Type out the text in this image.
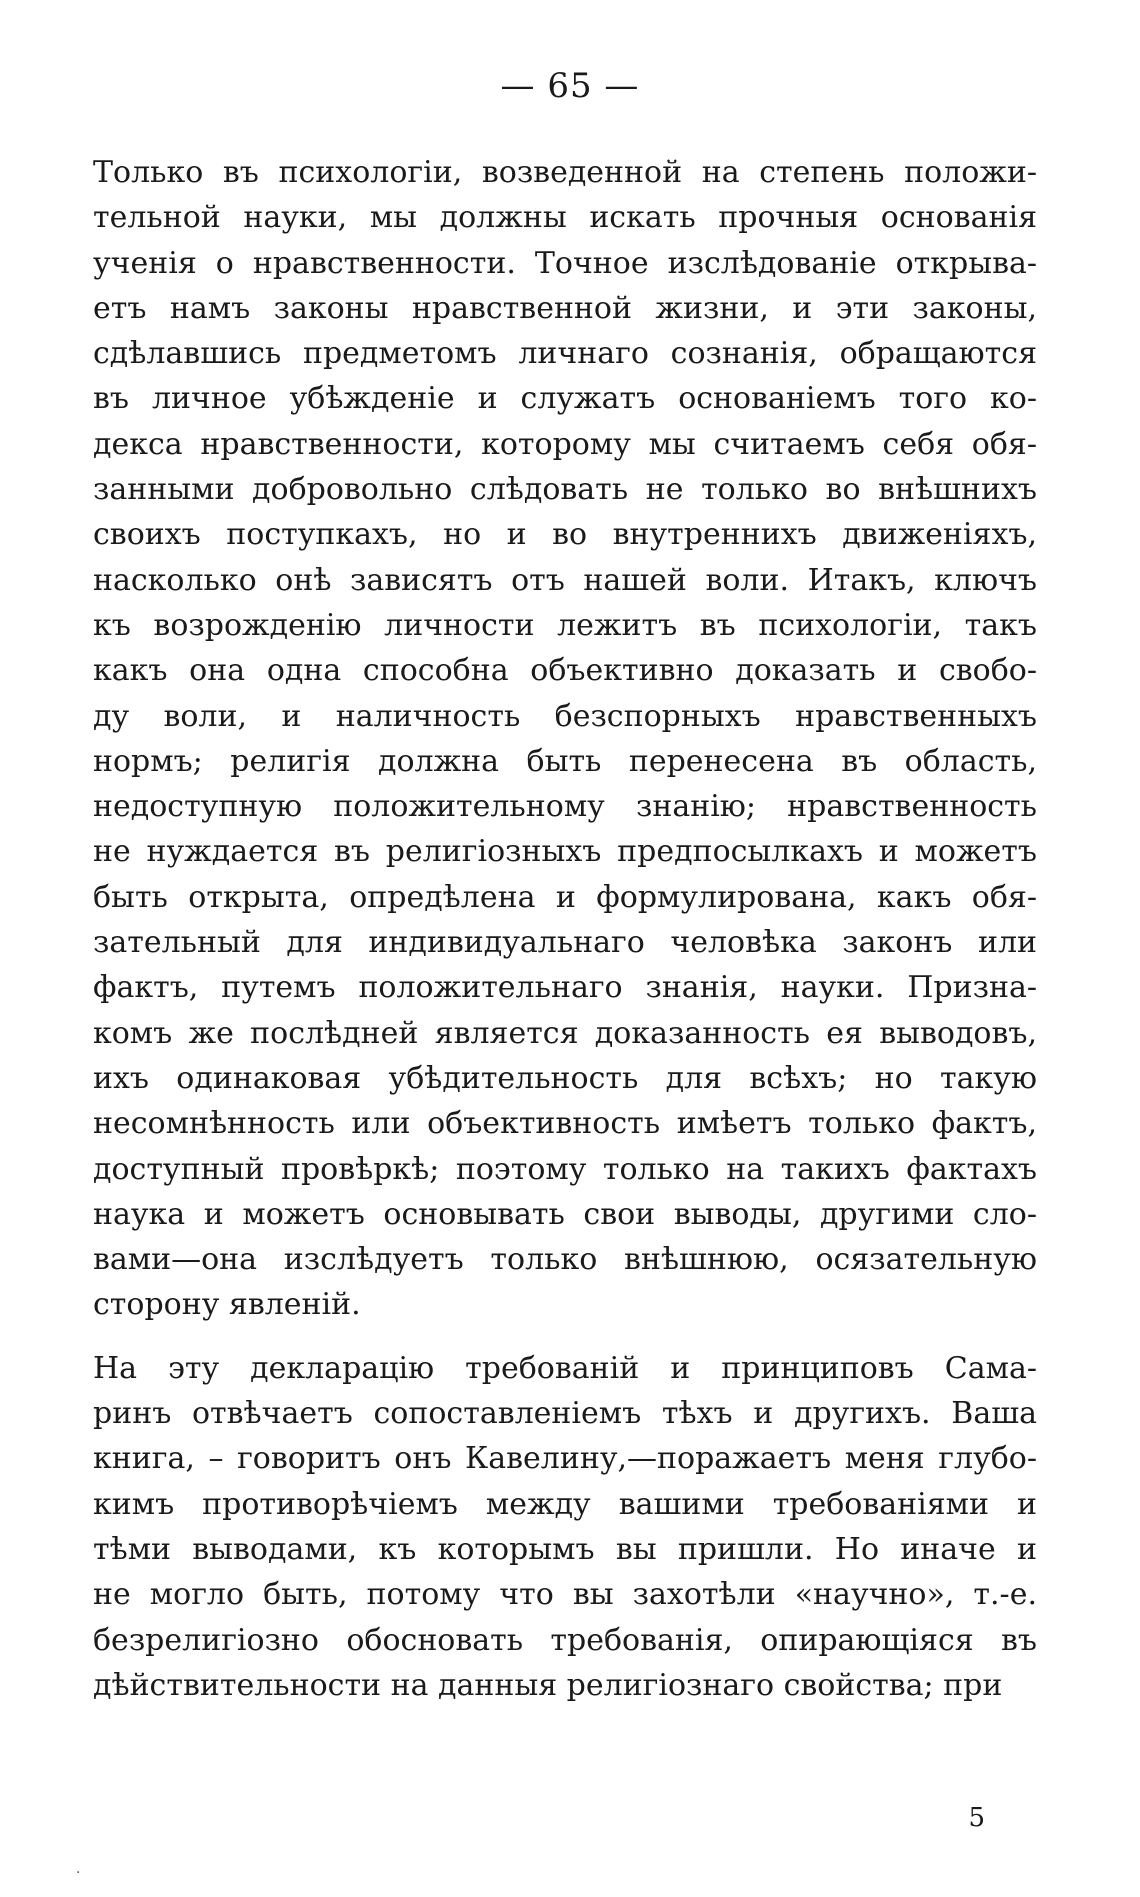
— 65 —
Только въ психологіи, возведенной на степень положи-
тельной науки, мы должны искать прочныя основанія
ученія о нравственности. Точное изслѣдованіе открыва-
етъ намъ законы нравственной жизни, и эти законы,
сдѣлавшись предметомъ личнаго сознанія, обращаются
въ личное убѣжденіе и служатъ основаніемъ того ко-
декса нравственности, которому мы считаемъ себя обя-
занными добровольно слѣдовать не только во внѣшнихъ
своихъ поступкахъ, но и во внутреннихъ движеніяхъ,
насколько онѣ зависятъ отъ нашей воли. Итакъ, ключъ
къ возрожденію личности лежитъ въ психологіи, такъ
какъ она одна способна объективно доказать и свобо-
ду воли, и наличность безспорныхъ нравственныхъ
нормъ; религія должна быть перенесена въ область,
недоступную положительному знанію; нравственность
не нуждается въ религіозныхъ предпосылкахъ и можетъ
быть открыта, опредѣлена и формулирована, какъ обя-
зательный для индивидуальнаго человѣка законъ или
фактъ, путемъ положительнаго знанія, науки. Призна-
комъ же послѣдней является доказанность ея выводовъ,
ихъ одинаковая убѣдительность для всѣхъ; но такую
несомнѣнность или объективность имѣетъ только фактъ,
доступный провѣркѣ; поэтому только на такихъ фактахъ
наука и можетъ основывать свои выводы, другими сло-
вами—она изслѣдуетъ только внѣшнюю, осязательную
сторону явленій.
На эту декларацію требованій и принциповъ Сама-
ринъ отвѣчаетъ сопоставленіемъ тѣхъ и другихъ. Ваша
книга, – говоритъ онъ Кавелину,—поражаетъ меня глубо-
кимъ противорѣчіемъ между вашими требованіями и
тѣми выводами, къ которымъ вы пришли. Но иначе и
не могло быть, потому что вы захотѣли «научно», т.-е.
безрелигіозно обосновать требованія, опирающіяся въ
дѣйствительности на данныя религіознаго свойства; при
5
·
